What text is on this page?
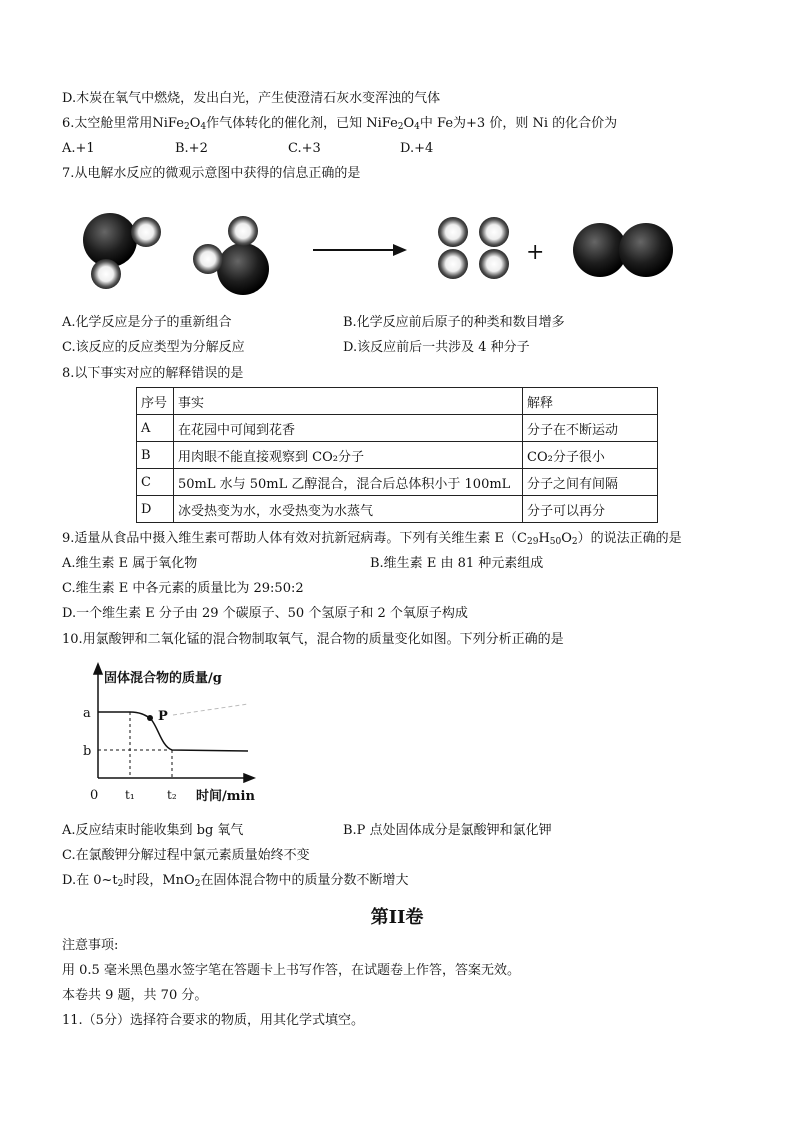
D.木炭在氧气中燃烧，发出白光，产生使澄清石灰水变浑浊的气体
6.太空舱里常用$NiFe_2O_4$作气体转化的催化剂，已知 $NiFe_2O_4$中 Fe为+3 价，则 Ni 的化合价为
A.+1	B.+2	C.+3	D.+4
7.从电解水反应的微观示意图中获得的信息正确的是
+
A.化学反应是分子的重新组合	B.化学反应前后原子的种类和数目增多
C.该反应的反应类型为分解反应	D.该反应前后一共涉及 4 种分子
8.以下事实对应的解释错误的是
序号	事实	解释
A	在花园中可闻到花香	分子在不断运动
B	用肉眼不能直接观察到 CO₂分子	CO₂分子很小
C	50mL 水与 50mL 乙醇混合，混合后总体积小于 100mL	分子之间有间隔
D	冰受热变为水，水受热变为水蒸气	分子可以再分
9.适量从食品中摄入维生素可帮助人体有效对抗新冠病毒。下列有关维生素 $E(C_{29}H_{50}O_2)$的说法正确的是
A.维生素 E 属于氧化物	B.维生素 E 由 81 种元素组成
C.维生素 E 中各元素的质量比为 29:50:2
D.一个维生素 E 分子由 29 个碳原子、50 个氢原子和 2 个氧原子构成
10.用氯酸钾和二氧化锰的混合物制取氧气，混合物的质量变化如图。下列分析正确的是
固体混合物的质量/g
时间/min
0
a
b
t₁	t₂
P
A.反应结束时能收集到 bg 氧气	B.P 点处固体成分是氯酸钾和氯化钾
C.在氯酸钾分解过程中氯元素质量始终不变
D.在 $0\sim t_2$时段，MnO$_2$在固体混合物中的质量分数不断增大
第II卷
注意事项:
用 0.5 毫米黑色墨水签字笔在答题卡上书写作答，在试题卷上作答，答案无效。
本卷共 9 题，共 70 分。
11.（5分）选择符合要求的物质，用其化学式填空。
